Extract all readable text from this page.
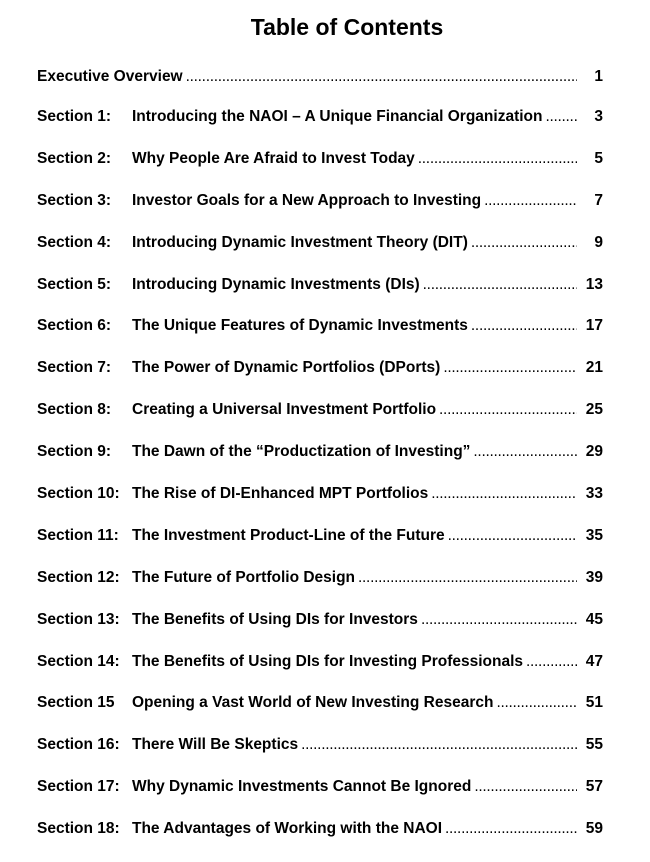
Table of Contents
Executive Overview . . .	1
Section 1:	Introducing the NAOI – A Unique Financial Organization . . .	3
Section 2:	Why People Are Afraid to Invest Today . . .	5
Section 3:	Investor Goals for a New Approach to Investing . . .	7
Section 4:	Introducing Dynamic Investment Theory (DIT) . . .	9
Section 5:	Introducing Dynamic Investments (DIs) . . .	13
Section 6:	The Unique Features of Dynamic Investments . . .	17
Section 7:	The Power of Dynamic Portfolios (DPorts) . . .	21
Section 8:	Creating a Universal Investment Portfolio . . .	25
Section 9:	The Dawn of the “Productization of Investing” . . .	29
Section 10: The Rise of DI-Enhanced MPT Portfolios . . .	33
Section 11: The Investment Product-Line of the Future . . .	35
Section 12: The Future of Portfolio Design . . .	39
Section 13: The Benefits of Using DIs for Investors . . .	45
Section 14: The Benefits of Using DIs for Investing Professionals . . .	47
Section 15	Opening a Vast World of New Investing Research . . .	51
Section 16: There Will Be Skeptics . . .	55
Section 17: Why Dynamic Investments Cannot Be Ignored . . .	57
Section 18: The Advantages of Working with the NAOI . . .	59
